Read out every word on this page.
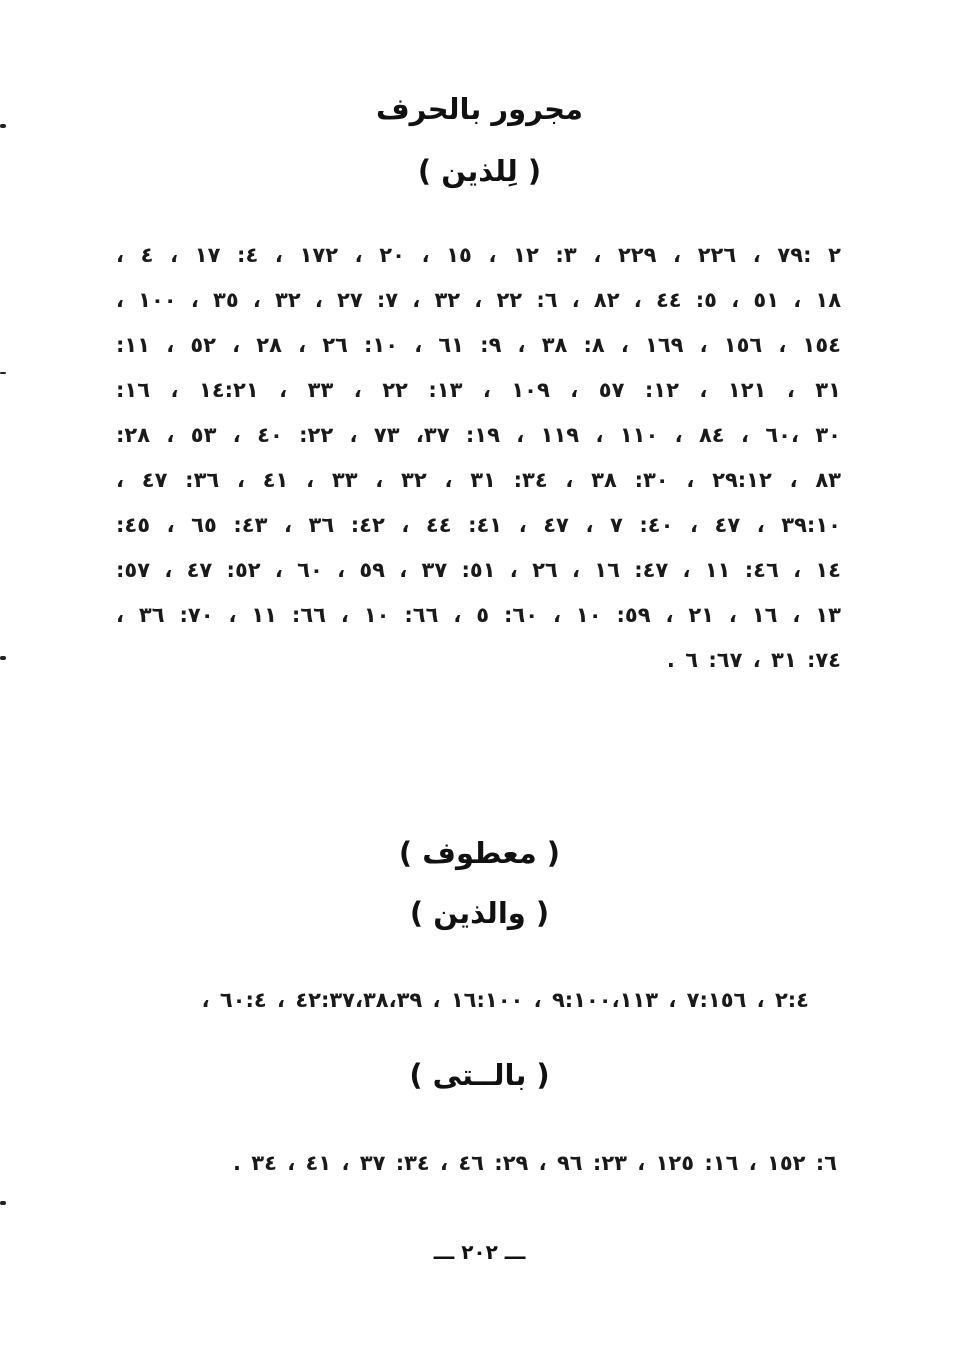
مجرور بالحرف
( لِلذين )
٢ :٧٩ ، ٢٢٦ ، ٢٢٩ ، ٣: ١٢ ، ١٥ ، ٢٠ ، ١٧٢ ، ٤: ١٧ ، ٤ ،
١٨ ، ٥١ ، ٥: ٤٤ ، ٨٢ ، ٦: ٢٢ ، ٣٢ ، ٧: ٢٧ ، ٣٢ ، ٣٥ ، ١٠٠ ،
١٥٤ ، ١٥٦ ، ١٦٩ ، ٨: ٣٨ ، ٩: ٦١ ، ١٠: ٢٦ ، ٢٨ ، ٥٢ ، ١١:
٣١ ، ١٢١ ، ١٢: ٥٧ ، ١٠٩ ، ١٣: ٢٢ ، ٣٣ ، ١٤:٢١ ، ١٦:
٣٠ ،٦٠ ، ٨٤ ، ١١٠ ، ١١٩ ، ١٩: ٣٧، ٧٣ ، ٢٢: ٤٠ ، ٥٣ ، ٢٨:
٨٣ ، ٢٩:١٢ ، ٣٠: ٣٨ ، ٣٤: ٣١ ، ٣٢ ، ٣٣ ، ٤١ ، ٣٦: ٤٧ ،
٣٩:١٠ ، ٤٧ ، ٤٠: ٧ ، ٤٧ ، ٤١: ٤٤ ، ٤٢: ٣٦ ، ٤٣: ٦٥ ، ٤٥:
١٤ ، ٤٦: ١١ ، ٤٧: ١٦ ، ٢٦ ، ٥١: ٣٧ ، ٥٩ ، ٦٠ ، ٥٢: ٤٧ ، ٥٧:
١٣ ، ١٦ ، ٢١ ، ٥٩: ١٠ ، ٦٠: ٥ ، ٦٦: ١٠ ، ٦٦: ١١ ، ٧٠: ٣٦ ،
٧٤: ٣١ ، ٦٧: ٦ .
( معطوف )
( والذين )
٢:٤ ، ٧:١٥٦ ، ٩:١٠٠،١١٣ ، ١٦:١٠٠ ، ٤٢:٣٧،٣٨،٣٩ ، ٦٠:٤ ،
( بالــتى )
٦: ١٥٢ ، ١٦: ١٢٥ ، ٢٣: ٩٦ ، ٢٩: ٤٦ ، ٣٤: ٣٧ ، ٤١ ، ٣٤ .
ـــ ٢٠٢ ـــ
